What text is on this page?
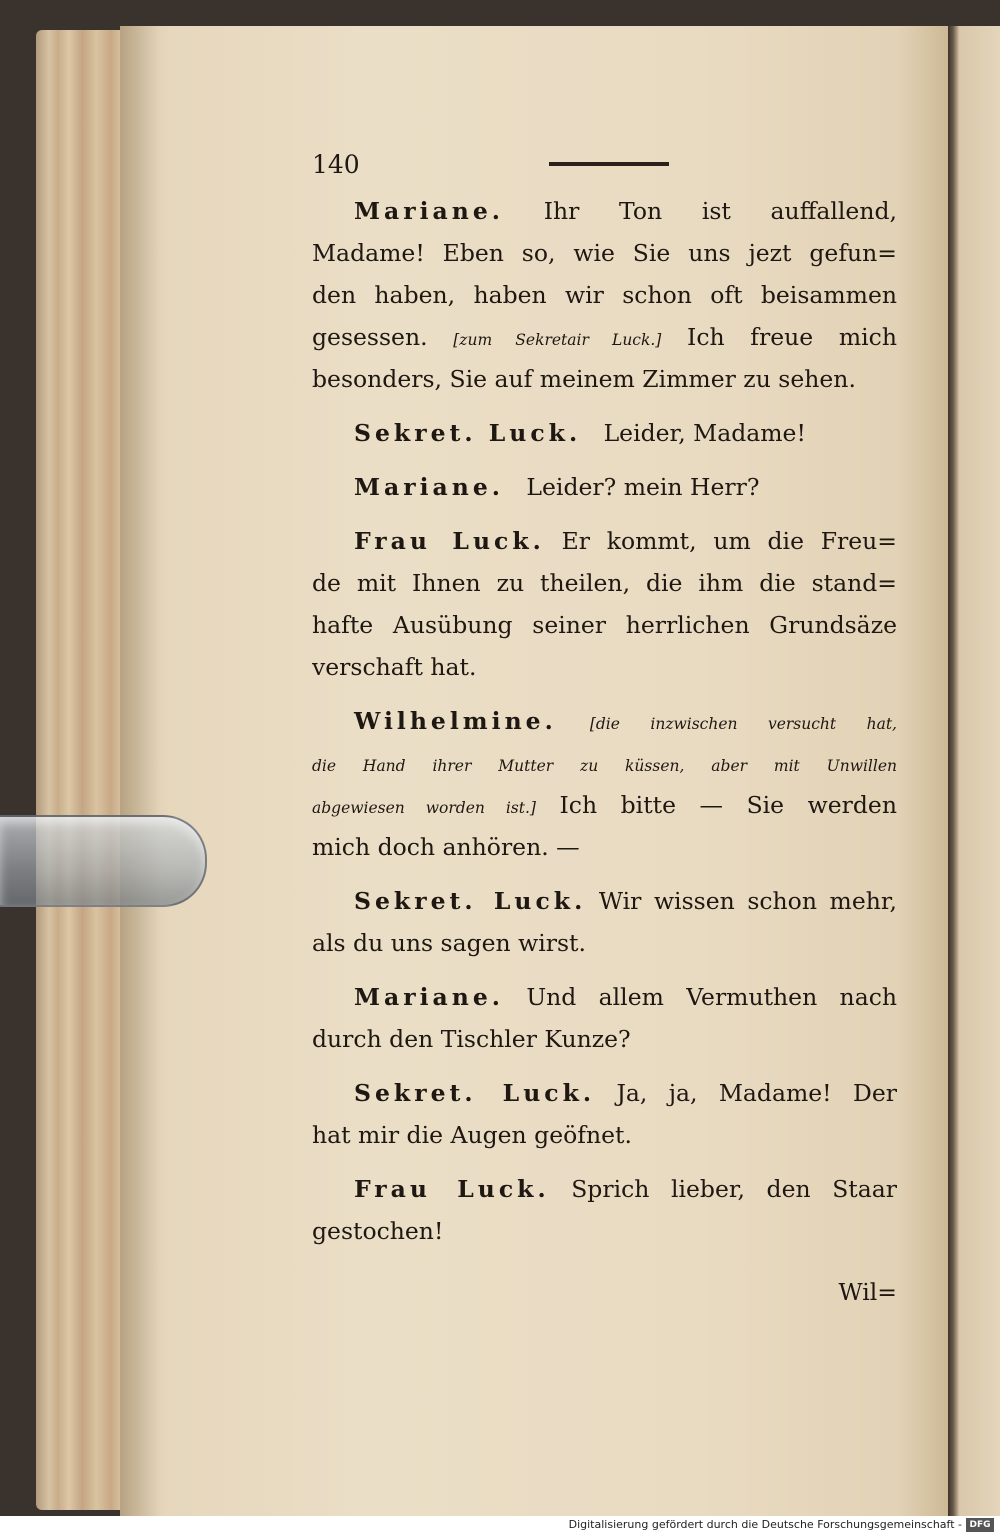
140
Mariane. Ihr Ton ist auffallend,
Madame! Eben so, wie Sie uns jezt gefun=
den haben, haben wir schon oft beisammen
gesessen. [zum Sekretair Luck.] Ich freue mich
besonders, Sie auf meinem Zimmer zu sehen.
Sekret. Luck. Leider, Madame!
Mariane. Leider? mein Herr?
Frau Luck. Er kommt, um die Freu=
de mit Ihnen zu theilen, die ihm die stand=
hafte Ausübung seiner herrlichen Grundsäze
verschaft hat.
Wilhelmine. [die inzwischen versucht hat,
die Hand ihrer Mutter zu küssen, aber mit Unwillen
abgewiesen worden ist.] Ich bitte — Sie werden
mich doch anhören. —
Sekret. Luck. Wir wissen schon mehr,
als du uns sagen wirst.
Mariane. Und allem Vermuthen nach
durch den Tischler Kunze?
Sekret. Luck. Ja, ja, Madame! Der
hat mir die Augen geöfnet.
Frau Luck. Sprich lieber, den Staar
gestochen!
Wil=
Digitalisierung gefördert durch die Deutsche Forschungsgemeinschaft - DFG
